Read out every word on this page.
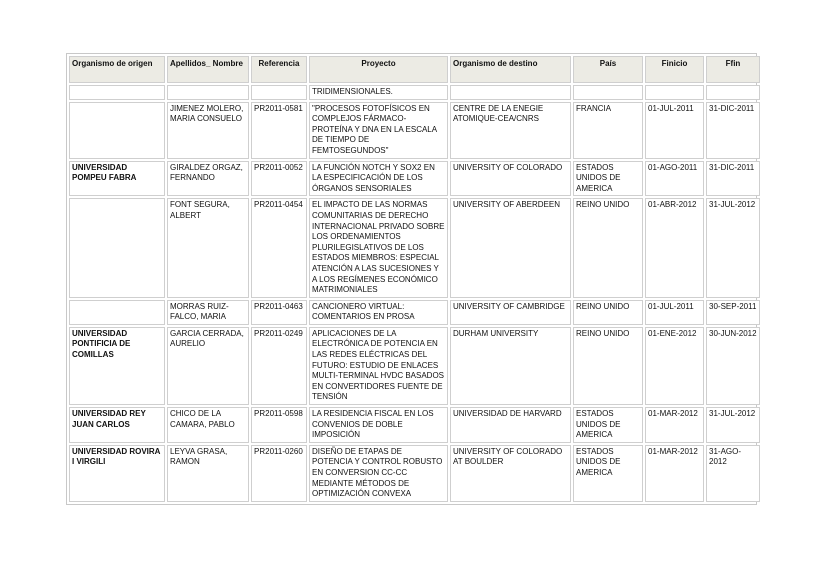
Organismo de origen	Apellidos_ Nombre	Referencia	Proyecto	Organismo de destino	País	Finicio	Ffin
			TRIDIMENSIONALES.				
	JIMENEZ MOLERO, MARIA CONSUELO	PR2011-0581	"PROCESOS FOTOFÍSICOS EN COMPLEJOS FÁRMACO-PROTEÍNA Y DNA EN LA ESCALA DE TIEMPO DE FEMTOSEGUNDOS"	CENTRE DE LA ENEGIE ATOMIQUE-CEA/CNRS	FRANCIA	01-JUL-2011	31-DIC-2011
UNIVERSIDAD POMPEU FABRA	GIRALDEZ ORGAZ, FERNANDO	PR2011-0052	LA FUNCIÓN NOTCH Y SOX2 EN LA ESPECIFICACIÓN DE LOS ÓRGANOS SENSORIALES	UNIVERSITY OF COLORADO	ESTADOS UNIDOS DE AMERICA	01-AGO-2011	31-DIC-2011
	FONT SEGURA, ALBERT	PR2011-0454	EL IMPACTO DE LAS NORMAS COMUNITARIAS DE DERECHO INTERNACIONAL PRIVADO SOBRE LOS ORDENAMIENTOS PLURILEGISLATIVOS DE LOS ESTADOS MIEMBROS: ESPECIAL ATENCIÓN A LAS SUCESIONES Y A LOS REGÍMENES ECONÓMICO MATRIMONIALES	UNIVERSITY OF ABERDEEN	REINO UNIDO	01-ABR-2012	31-JUL-2012
	MORRAS RUIZ-FALCO, MARIA	PR2011-0463	CANCIONERO VIRTUAL: COMENTARIOS EN PROSA	UNIVERSITY OF CAMBRIDGE	REINO UNIDO	01-JUL-2011	30-SEP-2011
UNIVERSIDAD PONTIFICIA DE COMILLAS	GARCIA CERRADA, AURELIO	PR2011-0249	APLICACIONES DE LA ELECTRÓNICA DE POTENCIA EN LAS REDES ELÉCTRICAS DEL FUTURO: ESTUDIO DE ENLACES MULTI-TERMINAL HVDC BASADOS EN CONVERTIDORES FUENTE DE TENSIÓN	DURHAM UNIVERSITY	REINO UNIDO	01-ENE-2012	30-JUN-2012
UNIVERSIDAD REY JUAN CARLOS	CHICO DE LA CAMARA, PABLO	PR2011-0598	LA RESIDENCIA FISCAL EN LOS CONVENIOS DE DOBLE IMPOSICIÓN	UNIVERSIDAD DE HARVARD	ESTADOS UNIDOS DE AMERICA	01-MAR-2012	31-JUL-2012
UNIVERSIDAD ROVIRA I VIRGILI	LEYVA GRASA, RAMON	PR2011-0260	DISEÑO DE ETAPAS DE POTENCIA Y CONTROL ROBUSTO EN CONVERSION CC-CC MEDIANTE MÉTODOS DE OPTIMIZACIÓN CONVEXA	UNIVERSITY OF COLORADO AT BOULDER	ESTADOS UNIDOS DE AMERICA	01-MAR-2012	31-AGO-2012
